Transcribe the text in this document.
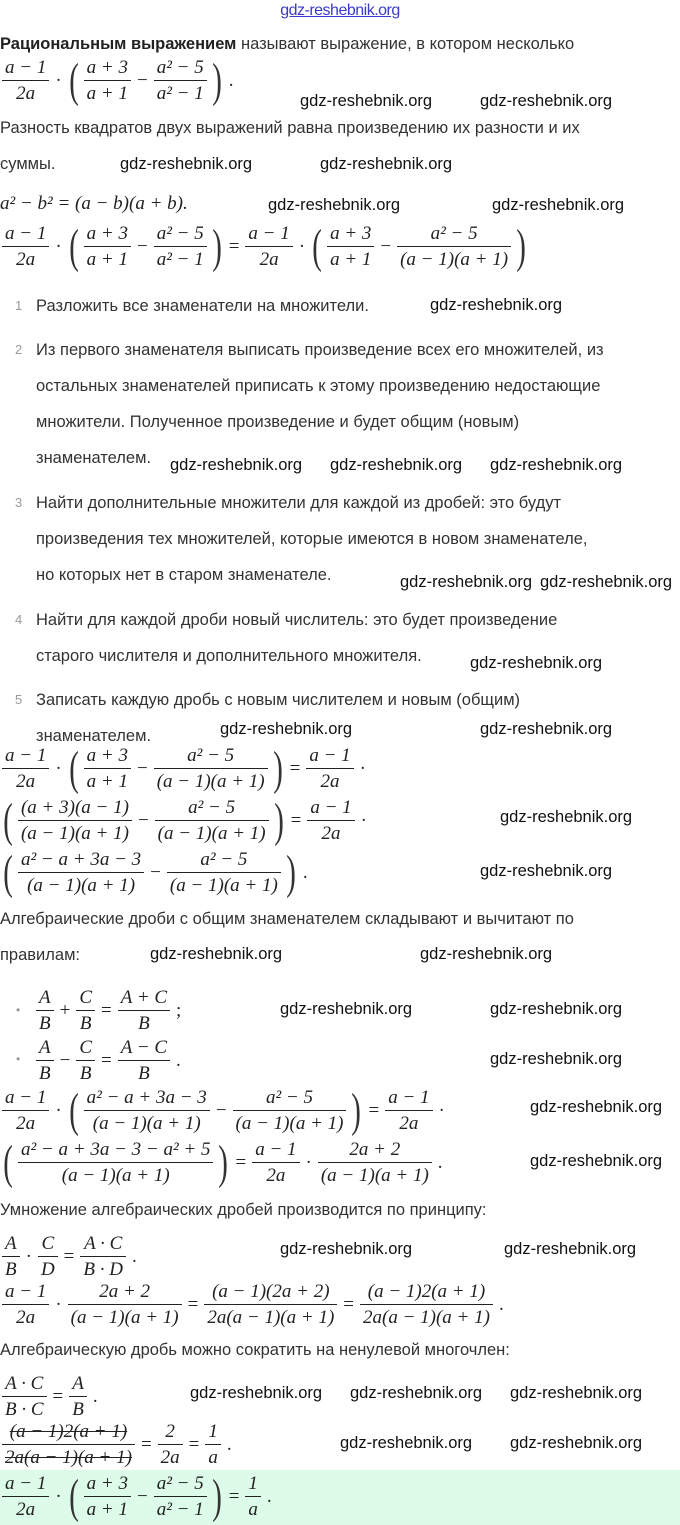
gdz-reshebnik.org
Рациональным выражением называют выражение, в котором несколько
$\frac{a - 1}{2a}$ · ( $\frac{a + 3}{a + 1} - \frac{\text{a² − 5}}{\text{a² − 1}}$ ) .
Разность квадратов двух выражений равна произведению их разности и их
суммы.
a² − b² = (a − b)(a + b).
$\frac{a - 1}{2a}$ · ( $\frac{a + 3}{a + 1} - \frac{\text{a² − 5}}{\text{a² − 1}}$ ) = $\frac{a - 1}{2a}$ · ( $\frac{a + 3}{a + 1} - \frac{\text{a² − 5}}{(a - 1)(a + 1)}$ )
1 Разложить все знаменатели на множители.
2 Из первого знаменателя выписать произведение всех его множителей, из
остальных знаменателей приписать к этому произведению недостающие
множители. Полученное произведение и будет общим (новым)
знаменателем.
3 Найти дополнительные множители для каждой из дробей: это будут
произведения тех множителей, которые имеются в новом знаменателе,
но которых нет в старом знаменателе.
4 Найти для каждой дроби новый числитель: это будет произведение
старого числителя и дополнительного множителя.
5 Записать каждую дробь с новым числителем и новым (общим)
знаменателем.
$\frac{a - 1}{2a}$ · ( $\frac{a + 3}{a + 1} - \frac{\text{a² − 5}}{(a - 1)(a + 1)}$ ) = $\frac{a - 1}{2a}$ ·
( $\frac{(a + 3)(a - 1)}{(a - 1)(a + 1)} - \frac{\text{a² − 5}}{(a - 1)(a + 1)}$ ) = $\frac{a - 1}{2a}$ ·
( $\frac{\text{a² − a + 3a − 3}}{(a - 1)(a + 1)} - \frac{\text{a² − 5}}{(a - 1)(a + 1)}$ ) .
Алгебраические дроби с общим знаменателем складывают и вычитают по
правилам:
• $\frac{A}{B} + \frac{C}{B} = \frac{A + C}{B}$ ;
• $\frac{A}{B} - \frac{C}{B} = \frac{A - C}{B}$ .
$\frac{a - 1}{2a}$ · ( $\frac{\text{a² − a + 3a − 3}}{(a - 1)(a + 1)} - \frac{\text{a² − 5}}{(a - 1)(a + 1)}$ ) = $\frac{a - 1}{2a}$ ·
( $\frac{\text{a² − a + 3a − 3 − a² + 5}}{(a - 1)(a + 1)}$ ) = $\frac{a - 1}{2a} \cdot \frac{2a + 2}{(a - 1)(a + 1)}$ .
Умножение алгебраических дробей производится по принципу:
$\frac{A}{B} \cdot \frac{C}{D} = \frac{A \cdot C}{B \cdot D}$ .
$\frac{a - 1}{2a} \cdot \frac{2a + 2}{(a - 1)(a + 1)} = \frac{(a - 1)(2a + 2)}{2a(a - 1)(a + 1)} = \frac{(a - 1)2(a + 1)}{2a(a - 1)(a + 1)}$ .
Алгебраическую дробь можно сократить на ненулевой многочлен:
$\frac{A \cdot C}{B \cdot C} = \frac{A}{B}$ .
$\frac{(a - 1)2(a + 1)}{2a(a - 1)(a + 1)} = \frac{2}{2a} = \frac{1}{a}$ .
$\frac{a - 1}{2a}$ · ( $\frac{a + 3}{a + 1} - \frac{\text{a² − 5}}{\text{a² − 1}}$ ) = $\frac{1}{a}$ .
gdz-reshebnik.org	gdz-reshebnik.org
gdz-reshebnik.org	gdz-reshebnik.org
gdz-reshebnik.org	gdz-reshebnik.org
gdz-reshebnik.org
gdz-reshebnik.org gdz-reshebnik.org gdz-reshebnik.org
gdz-reshebnik.org gdz-reshebnik.org
gdz-reshebnik.org
gdz-reshebnik.org	gdz-reshebnik.org
gdz-reshebnik.org
gdz-reshebnik.org
gdz-reshebnik.org	gdz-reshebnik.org
gdz-reshebnik.org	gdz-reshebnik.org
gdz-reshebnik.org
gdz-reshebnik.org
gdz-reshebnik.org
gdz-reshebnik.org	gdz-reshebnik.org
gdz-reshebnik.org gdz-reshebnik.org gdz-reshebnik.org
gdz-reshebnik.org gdz-reshebnik.org
